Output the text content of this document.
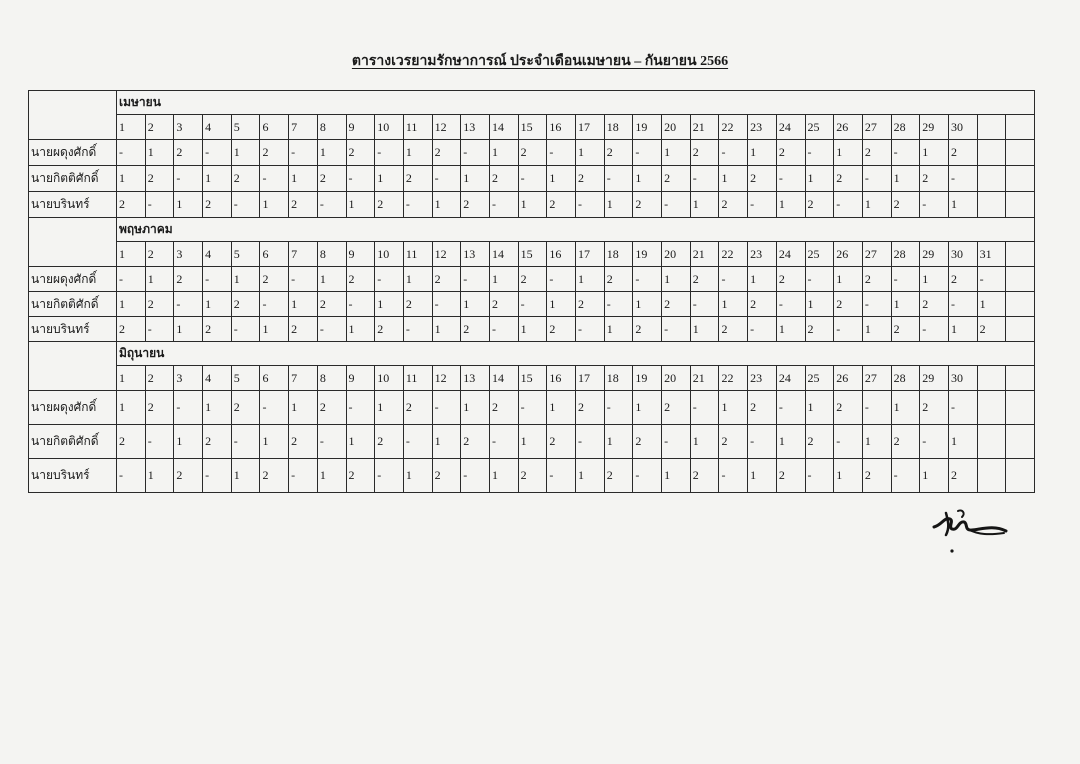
ตารางเวรยามรักษาการณ์ ประจำเดือนเมษายน – กันยายน 2566
	เมษายน																															
	1	2	3	4	5	6	7	8	9	10	11	12	13	14	15	16	17	18	19	20	21	22	23	24	25	26	27	28	29	30		
นายผดุงศักดิ์	-	1	2	-	1	2	-	1	2	-	1	2	-	1	2	-	1	2	-	1	2	-	1	2	-	1	2	-	1	2		
นายกิตติศักดิ์	1	2	-	1	2	-	1	2	-	1	2	-	1	2	-	1	2	-	1	2	-	1	2	-	1	2	-	1	2	-		
นายบรินทร์	2	-	1	2	-	1	2	-	1	2	-	1	2	-	1	2	-	1	2	-	1	2	-	1	2	-	1	2	-	1		
	พฤษภาคม																															
	1	2	3	4	5	6	7	8	9	10	11	12	13	14	15	16	17	18	19	20	21	22	23	24	25	26	27	28	29	30	31	
นายผดุงศักดิ์	-	1	2	-	1	2	-	1	2	-	1	2	-	1	2	-	1	2	-	1	2	-	1	2	-	1	2	-	1	2	-	
นายกิตติศักดิ์	1	2	-	1	2	-	1	2	-	1	2	-	1	2	-	1	2	-	1	2	-	1	2	-	1	2	-	1	2	-	1	
นายบรินทร์	2	-	1	2	-	1	2	-	1	2	-	1	2	-	1	2	-	1	2	-	1	2	-	1	2	-	1	2	-	1	2	
	มิถุนายน																															
	1	2	3	4	5	6	7	8	9	10	11	12	13	14	15	16	17	18	19	20	21	22	23	24	25	26	27	28	29	30		
นายผดุงศักดิ์	1	2	-	1	2	-	1	2	-	1	2	-	1	2	-	1	2	-	1	2	-	1	2	-	1	2	-	1	2	-		
นายกิตติศักดิ์	2	-	1	2	-	1	2	-	1	2	-	1	2	-	1	2	-	1	2	-	1	2	-	1	2	-	1	2	-	1		
นายบรินทร์	-	1	2	-	1	2	-	1	2	-	1	2	-	1	2	-	1	2	-	1	2	-	1	2	-	1	2	-	1	2		
